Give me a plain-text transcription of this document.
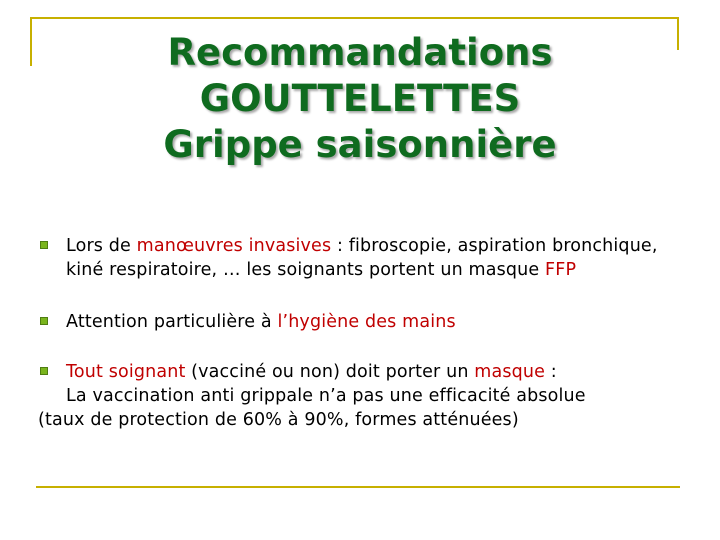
Recommandations
GOUTTELETTES
Grippe saisonnière
Lors de manœuvres invasives : fibroscopie, aspiration bronchique, kiné respiratoire, … les soignants portent un masque FFP
Attention particulière à l’hygiène des mains
Tout soignant (vacciné ou non) doit porter un masque :
La vaccination anti grippale n’a pas une efficacité absolue
(taux de protection de 60% à 90%, formes atténuées)
